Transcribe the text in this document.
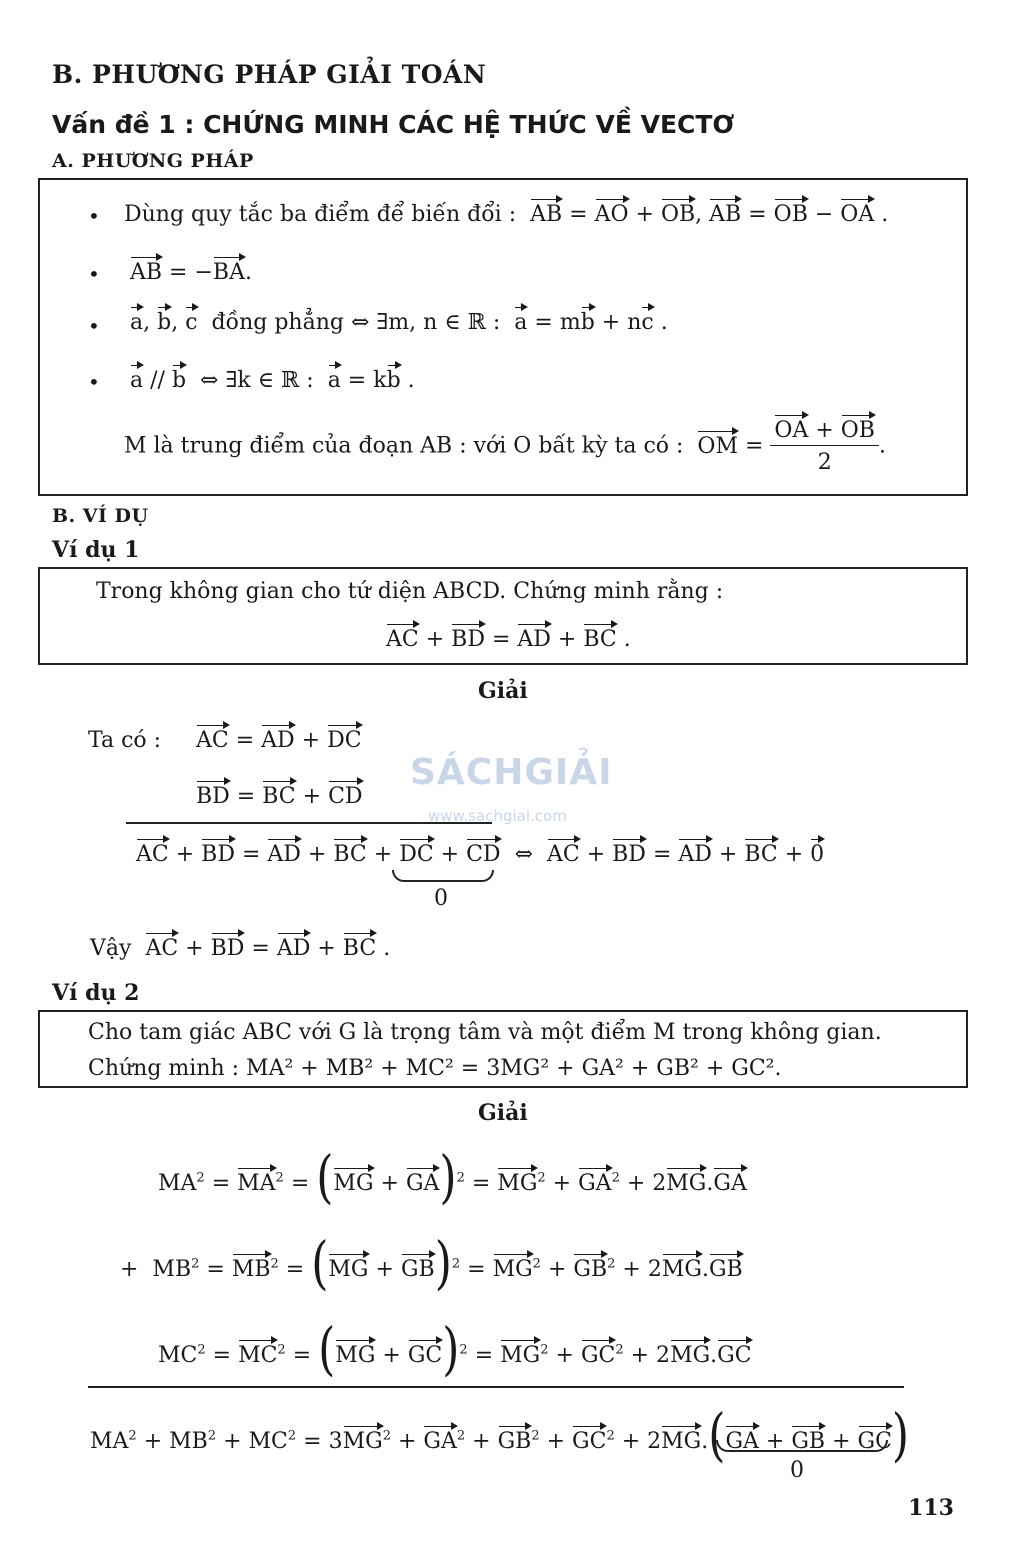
B. PHƯƠNG PHÁP GIẢI TOÁN
Vấn đề 1 : CHỨNG MINH CÁC HỆ THỨC VỀ VECTƠ
A. PHƯƠNG PHÁP
• Dùng quy tắc ba điểm để biến đổi : AB = AO + OB, AB = OB − OA .
• AB = −BA.
• a, b, c đồng phẳng ⇔ ∃m, n ∈ ℝ : a = mb + nc .
• a // b ⇔ ∃k ∈ ℝ : a = kb .
M là trung điểm của đoạn AB : với O bất kỳ ta có : OM = $\frac{OA + OB}{2}$ .
B. VÍ DỤ
Ví dụ 1
Trong không gian cho tứ diện ABCD. Chứng minh rằng :
AC + BD = AD + BC .
Giải
Ta có : AC = AD + DC
BD = BC + CD
AC + BD = AD + BC + DC + CD  ⇔  AC + BD = AD + BC + 0
0
Vậy AC + BD = AD + BC .
SÁCHGIẢI
www.sachgiai.com
Ví dụ 2
Cho tam giác ABC với G là trọng tâm và một điểm M trong không gian.
Chứng minh : MA² + MB² + MC² = 3MG² + GA² + GB² + GC².
Giải
$MA^2 = MA^2 = (MG + GA)^2 = MG^2 + GA^2 + 2MG.GA$
+  $MB^2 = MB^2 = (MG + GB)^2 = MG^2 + GB^2 + 2MG.GB$
$MC^2 = MC^2 = (MG + GC)^2 = MG^2 + GC^2 + 2MG.GC$
$MA^2 + MB^2 + MC^2 = 3MG^2 + GA^2 + GB^2 + GC^2 + 2MG.(GA$ + GB + GC)
0
113
